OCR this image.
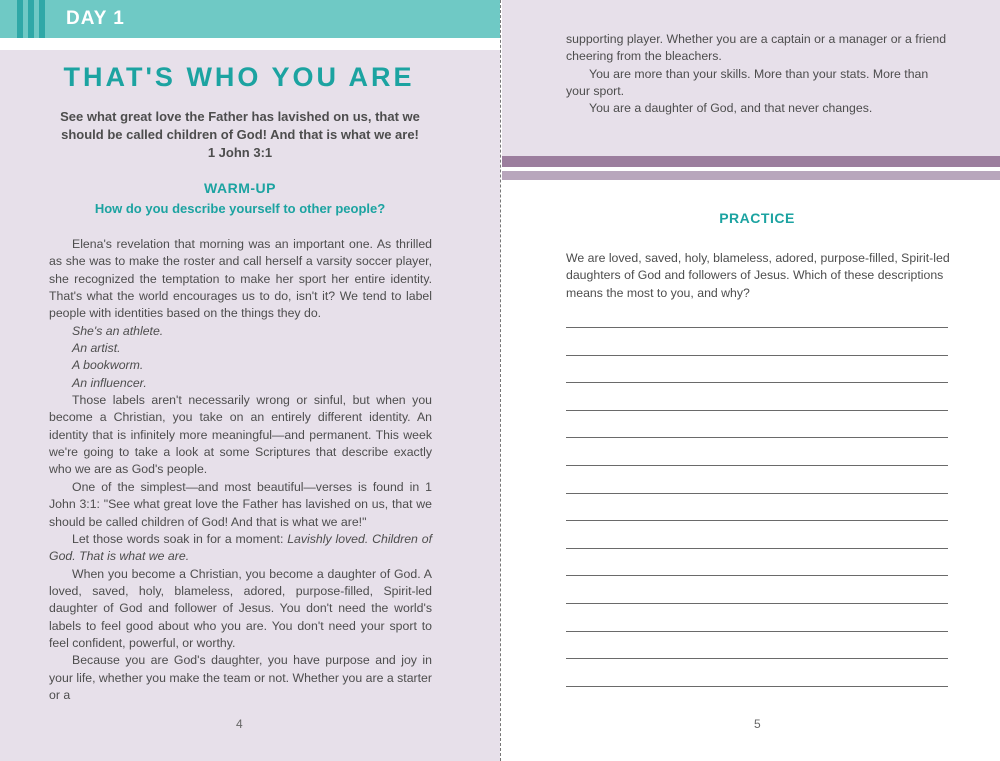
DAY 1
THAT'S WHO YOU ARE
See what great love the Father has lavished on us, that we
should be called children of God! And that is what we are!
1 John 3:1
WARM-UP
How do you describe yourself to other people?

Elena's revelation that morning was an important one. As thrilled as she was to make the roster and call herself a varsity soccer player, she recognized the temptation to make her sport her entire identity. That's what the world encourages us to do, isn't it? We tend to label people with identities based on the things they do.

She's an athlete.

An artist.

A bookworm.

An influencer.

Those labels aren't necessarily wrong or sinful, but when you become a Christian, you take on an entirely different identity. An identity that is infinitely more meaningful—and permanent. This week we're going to take a look at some Scriptures that describe exactly who we are as God's people.

One of the simplest—and most beautiful—verses is found in 1 John 3:1: "See what great love the Father has lavished on us, that we should be called children of God! And that is what we are!"

Let those words soak in for a moment: Lavishly loved. Children of God. That is what we are.

When you become a Christian, you become a daughter of God. A loved, saved, holy, blameless, adored, purpose-filled, Spirit-led daughter of God and follower of Jesus. You don't need the world's labels to feel good about who you are. You don't need your sport to feel confident, powerful, or worthy.

Because you are God's daughter, you have purpose and joy in your life, whether you make the team or not. Whether you are a starter or a

4

supporting player. Whether you are a captain or a manager or a friend cheering from the bleachers.

You are more than your skills. More than your stats. More than your sport.

You are a daughter of God, and that never changes.

PRACTICE
We are loved, saved, holy, blameless, adored, purpose-filled, Spirit-led daughters of God and followers of Jesus. Which of these descriptions means the most to you, and why?
5
